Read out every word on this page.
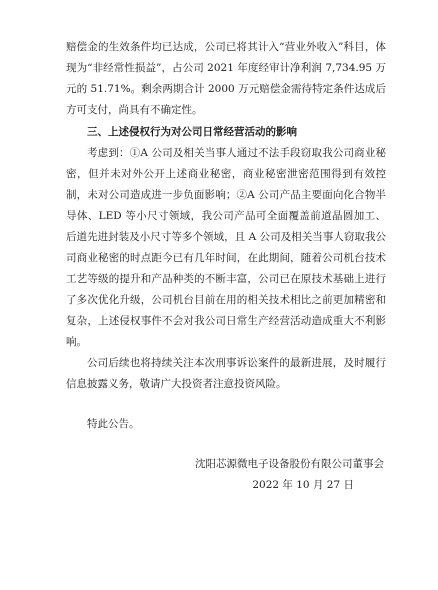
赔偿金的生效条件均已达成，公司已将其计入“营业外收入”科目，体现为“非经常性损益”，占公司 2021 年度经审计净利润 7,734.95 万元的 51.71%。剩余两期合计 2000 万元赔偿金需待特定条件达成后方可支付，尚具有不确定性。

三、上述侵权行为对公司日常经营活动的影响

考虑到：①A 公司及相关当事人通过不法手段窃取我公司商业秘密，但并未对外公开上述商业秘密，商业秘密泄密范围得到有效控制，未对公司造成进一步负面影响；②A 公司产品主要面向化合物半导体、LED 等小尺寸领域，我公司产品可全面覆盖前道晶圆加工、后道先进封装及小尺寸等多个领域，且 A 公司及相关当事人窃取我公司商业秘密的时点距今已有几年时间，在此期间，随着公司机台技术工艺等级的提升和产品种类的不断丰富，公司已在原技术基础上进行了多次优化升级，公司机台目前在用的相关技术相比之前更加精密和复杂，上述侵权事件不会对我公司日常生产经营活动造成重大不利影响。

公司后续也将持续关注本次刑事诉讼案件的最新进展，及时履行信息披露义务，敬请广大投资者注意投资风险。

特此公告。

沈阳芯源微电子设备股份有限公司董事会

2022 年 10 月 27 日
